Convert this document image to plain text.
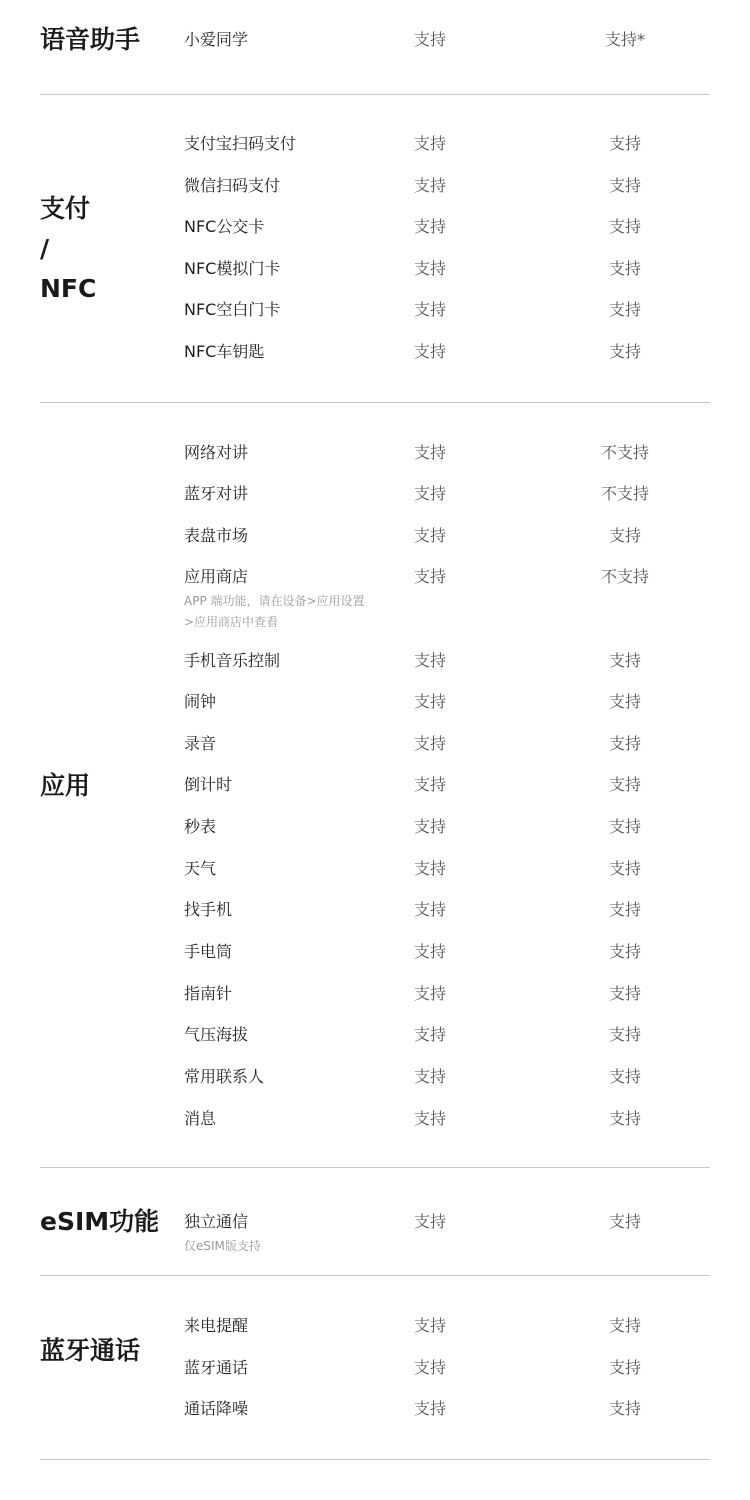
语音助手	小爱同学	支持	支持*
支付
/
NFC
支付宝扫码支付	支持	支持
微信扫码支付	支持	支持
NFC公交卡	支持	支持
NFC模拟门卡	支持	支持
NFC空白门卡	支持	支持
NFC车钥匙	支持	支持
应用
网络对讲	支持	不支持
蓝牙对讲	支持	不支持
表盘市场	支持	支持
应用商店	支持	不支持
APP 端功能，请在设备>应用设置
>应用商店中查看
手机音乐控制	支持	支持
闹钟	支持	支持
录音	支持	支持
倒计时	支持	支持
秒表	支持	支持
天气	支持	支持
找手机	支持	支持
手电筒	支持	支持
指南针	支持	支持
气压海拔	支持	支持
常用联系人	支持	支持
消息	支持	支持
eSIM功能 独立通信	支持	支持
仅eSIM版支持
蓝牙通话
来电提醒	支持	支持
蓝牙通话	支持	支持
通话降噪	支持	支持
